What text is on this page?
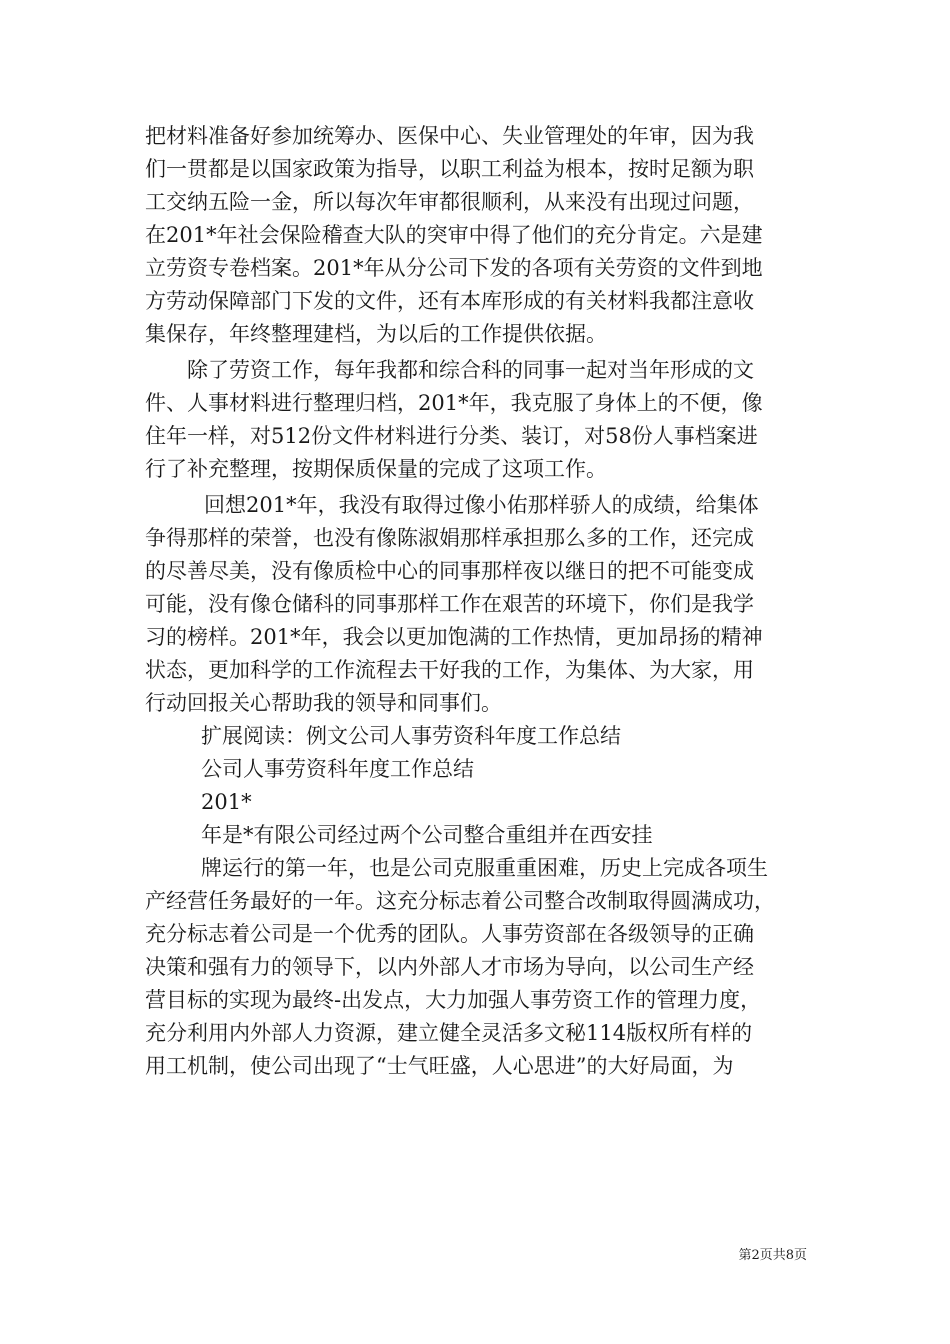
把材料准备好参加统筹办、医保中心、失业管理处的年审，因为我
们一贯都是以国家政策为指导，以职工利益为根本，按时足额为职
工交纳五险一金，所以每次年审都很顺利，从来没有出现过问题，
在201*年社会保险稽查大队的突审中得了他们的充分肯定。六是建
立劳资专卷档案。201*年从分公司下发的各项有关劳资的文件到地
方劳动保障部门下发的文件，还有本库形成的有关材料我都注意收
集保存，年终整理建档，为以后的工作提供依据。
除了劳资工作，每年我都和综合科的同事一起对当年形成的文
件、人事材料进行整理归档，201*年，我克服了身体上的不便，像
住年一样，对512份文件材料进行分类、装订，对58份人事档案进
行了补充整理，按期保质保量的完成了这项工作。
回想201*年，我没有取得过像小佑那样骄人的成绩，给集体
争得那样的荣誉，也没有像陈淑娟那样承担那么多的工作，还完成
的尽善尽美，没有像质检中心的同事那样夜以继日的把不可能变成
可能，没有像仓储科的同事那样工作在艰苦的环境下，你们是我学
习的榜样。201*年，我会以更加饱满的工作热情，更加昂扬的精神
状态，更加科学的工作流程去干好我的工作，为集体、为大家，用
行动回报关心帮助我的领导和同事们。
扩展阅读：例文公司人事劳资科年度工作总结
公司人事劳资科年度工作总结
201*
年是*有限公司经过两个公司整合重组并在西安挂
牌运行的第一年，也是公司克服重重困难，历史上完成各项生
产经营任务最好的一年。这充分标志着公司整合改制取得圆满成功，
充分标志着公司是一个优秀的团队。人事劳资部在各级领导的正确
决策和强有力的领导下，以内外部人才市场为导向，以公司生产经
营目标的实现为最终-出发点，大力加强人事劳资工作的管理力度，
充分利用内外部人力资源，建立健全灵活多文秘114版权所有样的
用工机制，使公司出现了“士气旺盛，人心思进”的大好局面，为
第2页共8页
